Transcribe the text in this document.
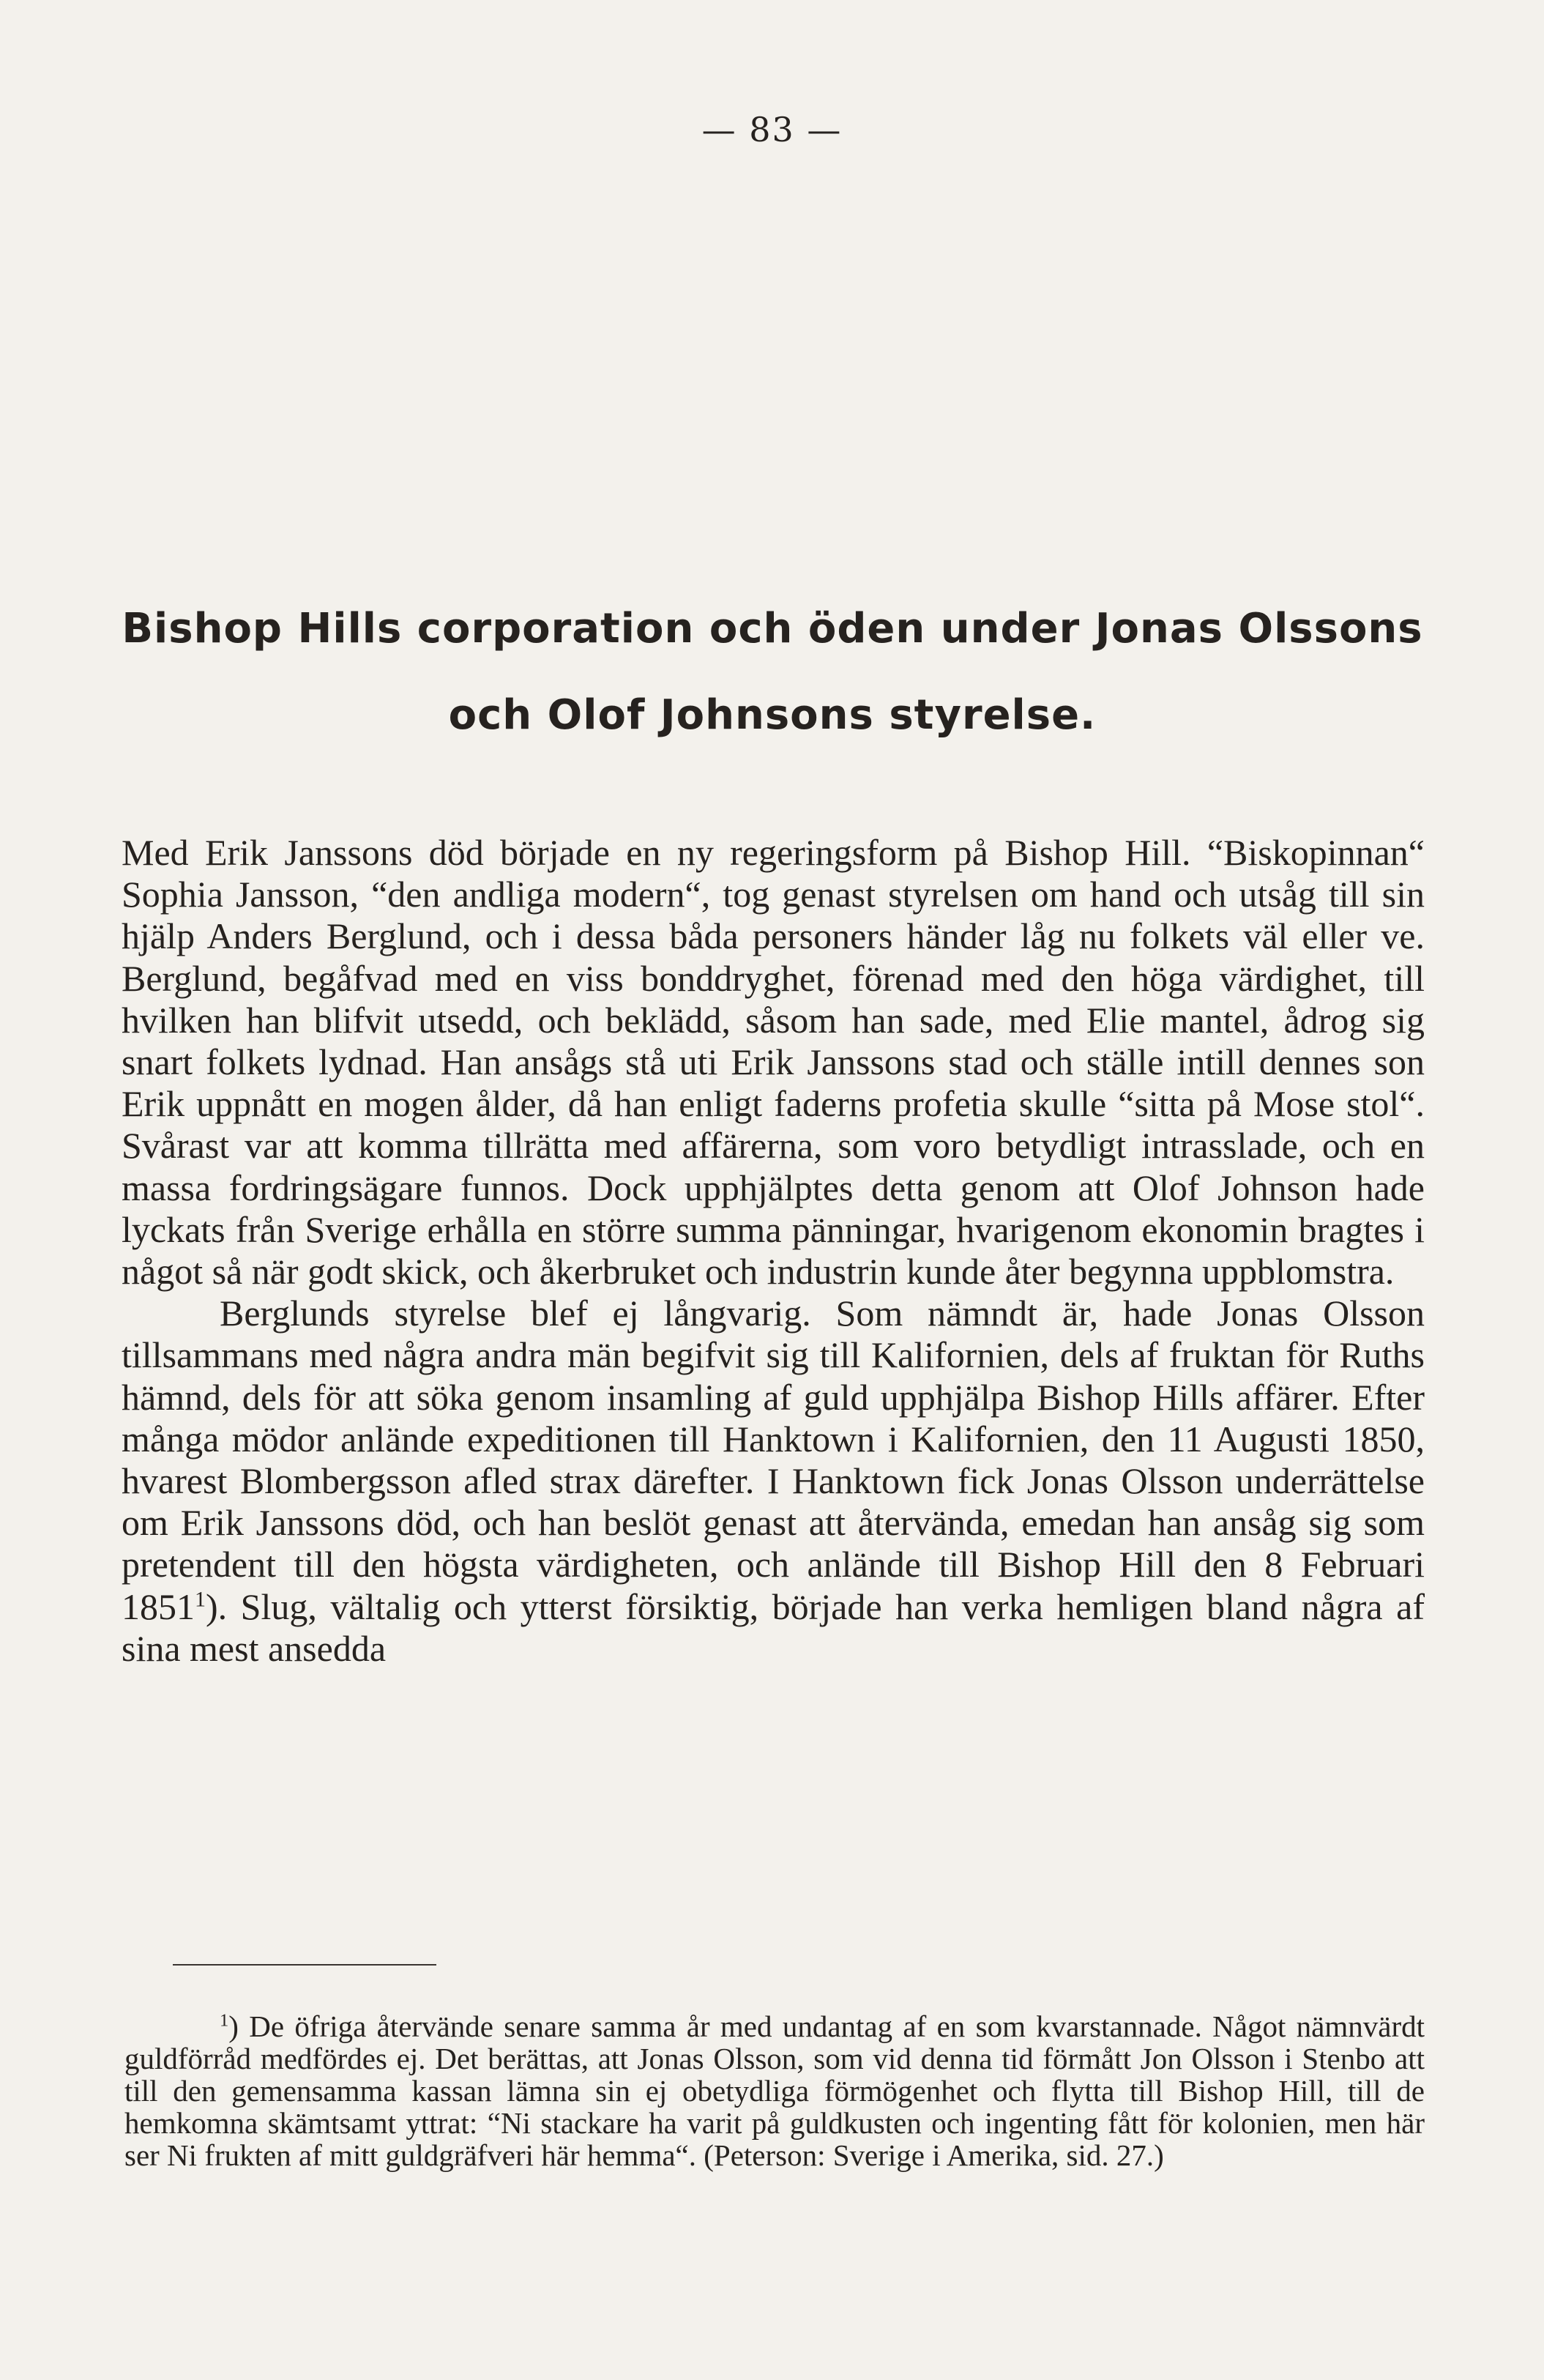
— 83 —
Bishop Hills corporation och öden under Jonas Olssons
och Olof Johnsons styrelse.

Med Erik Janssons död började en ny regeringsform på Bishop Hill. “Biskopinnan“ Sophia Jansson, “den andliga modern“, tog genast styrelsen om hand och utsåg till sin hjälp Anders Berglund, och i dessa båda personers händer låg nu folkets väl eller ve. Berglund, begåfvad med en viss bonddryghet, förenad med den höga värdighet, till hvilken han blifvit utsedd, och beklädd, såsom han sade, med Elie mantel, ådrog sig snart folkets lydnad. Han ansågs stå uti Erik Janssons stad och ställe intill dennes son Erik uppnått en mogen ålder, då han enligt faderns profetia skulle “sitta på Mose stol“. Svårast var att komma tillrätta med affärerna, som voro betydligt intrasslade, och en massa fordringsägare funnos. Dock upphjälptes detta genom att Olof Johnson hade lyckats från Sverige erhålla en större summa pänningar, hvarigenom ekonomin bragtes i något så när godt skick, och åkerbruket och industrin kunde åter begynna uppblomstra.

Berglunds styrelse blef ej långvarig. Som nämndt är, hade Jonas Olsson tillsammans med några andra män begifvit sig till Kalifornien, dels af fruktan för Ruths hämnd, dels för att söka genom insamling af guld upphjälpa Bishop Hills affärer. Efter många mödor anlände expeditionen till Hanktown i Kalifornien, den 11 Augusti 1850, hvarest Blombergsson afled strax därefter. I Hanktown fick Jonas Olsson underrättelse om Erik Janssons död, och han beslöt genast att återvända, emedan han ansåg sig som pretendent till den högsta värdigheten, och anlände till Bishop Hill den 8 Februari 1851$^1$). Slug, vältalig och ytterst försiktig, började han verka hemligen bland några af sina mest ansedda

$^1$) De öfriga återvände senare samma år med undantag af en som kvarstannade. Något nämnvärdt guldförråd medfördes ej. Det berättas, att Jonas Olsson, som vid denna tid förmått Jon Olsson i Stenbo att till den gemensamma kassan lämna sin ej obetydliga förmögenhet och flytta till Bishop Hill, till de hemkomna skämtsamt yttrat: “Ni stackare ha varit på guldkusten och ingenting fått för kolonien, men här ser Ni frukten af mitt guldgräfveri här hemma“. (Peterson: Sverige i Amerika, sid. 27.)
